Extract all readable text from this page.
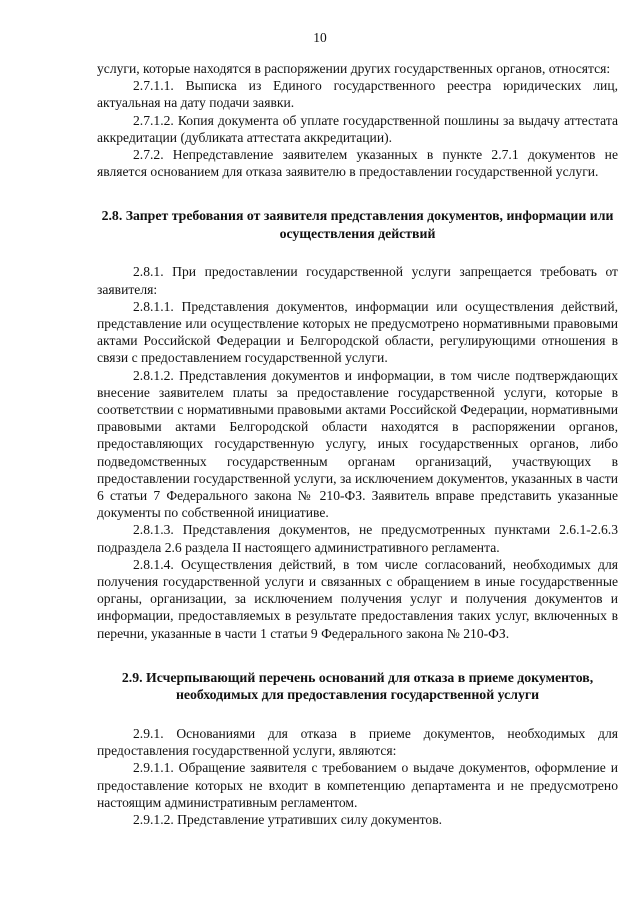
10

услуги, которые находятся в распоряжении других государственных органов, относятся:

2.7.1.1. Выписка из Единого государственного реестра юридических лиц, актуальная на дату подачи заявки.

2.7.1.2. Копия документа об уплате государственной пошлины за выдачу аттестата аккредитации (дубликата аттестата аккредитации).

2.7.2. Непредставление заявителем указанных в пункте 2.7.1 документов не является основанием для отказа заявителю в предоставлении государственной услуги.

2.8. Запрет требования от заявителя представления документов, информации или осуществления действий

2.8.1. При предоставлении государственной услуги запрещается требовать от заявителя:

2.8.1.1. Представления документов, информации или осуществления действий, представление или осуществление которых не предусмотрено нормативными правовыми актами Российской Федерации и Белгородской области, регулирующими отношения в связи с предоставлением государственной услуги.

2.8.1.2. Представления документов и информации, в том числе подтверждающих внесение заявителем платы за предоставление государственной услуги, которые в соответствии с нормативными правовыми актами Российской Федерации, нормативными правовыми актами Белгородской области находятся в распоряжении органов, предоставляющих государственную услугу, иных государственных органов, либо подведомственных государственным органам организаций, участвующих в предоставлении государственной услуги, за исключением документов, указанных в части 6 статьи 7 Федерального закона № 210-ФЗ. Заявитель вправе представить указанные документы по собственной инициативе.

2.8.1.3. Представления документов, не предусмотренных пунктами 2.6.1-2.6.3 подраздела 2.6 раздела II настоящего административного регламента.

2.8.1.4. Осуществления действий, в том числе согласований, необходимых для получения государственной услуги и связанных с обращением в иные государственные органы, организации, за исключением получения услуг и получения документов и информации, предоставляемых в результате предоставления таких услуг, включенных в перечни, указанные в части 1 статьи 9 Федерального закона № 210-ФЗ.

2.9. Исчерпывающий перечень оснований для отказа в приеме документов, необходимых для предоставления государственной услуги

2.9.1. Основаниями для отказа в приеме документов, необходимых для предоставления государственной услуги, являются:

2.9.1.1. Обращение заявителя с требованием о выдаче документов, оформление и предоставление которых не входит в компетенцию департамента и не предусмотрено настоящим административным регламентом.

2.9.1.2. Представление утративших силу документов.
